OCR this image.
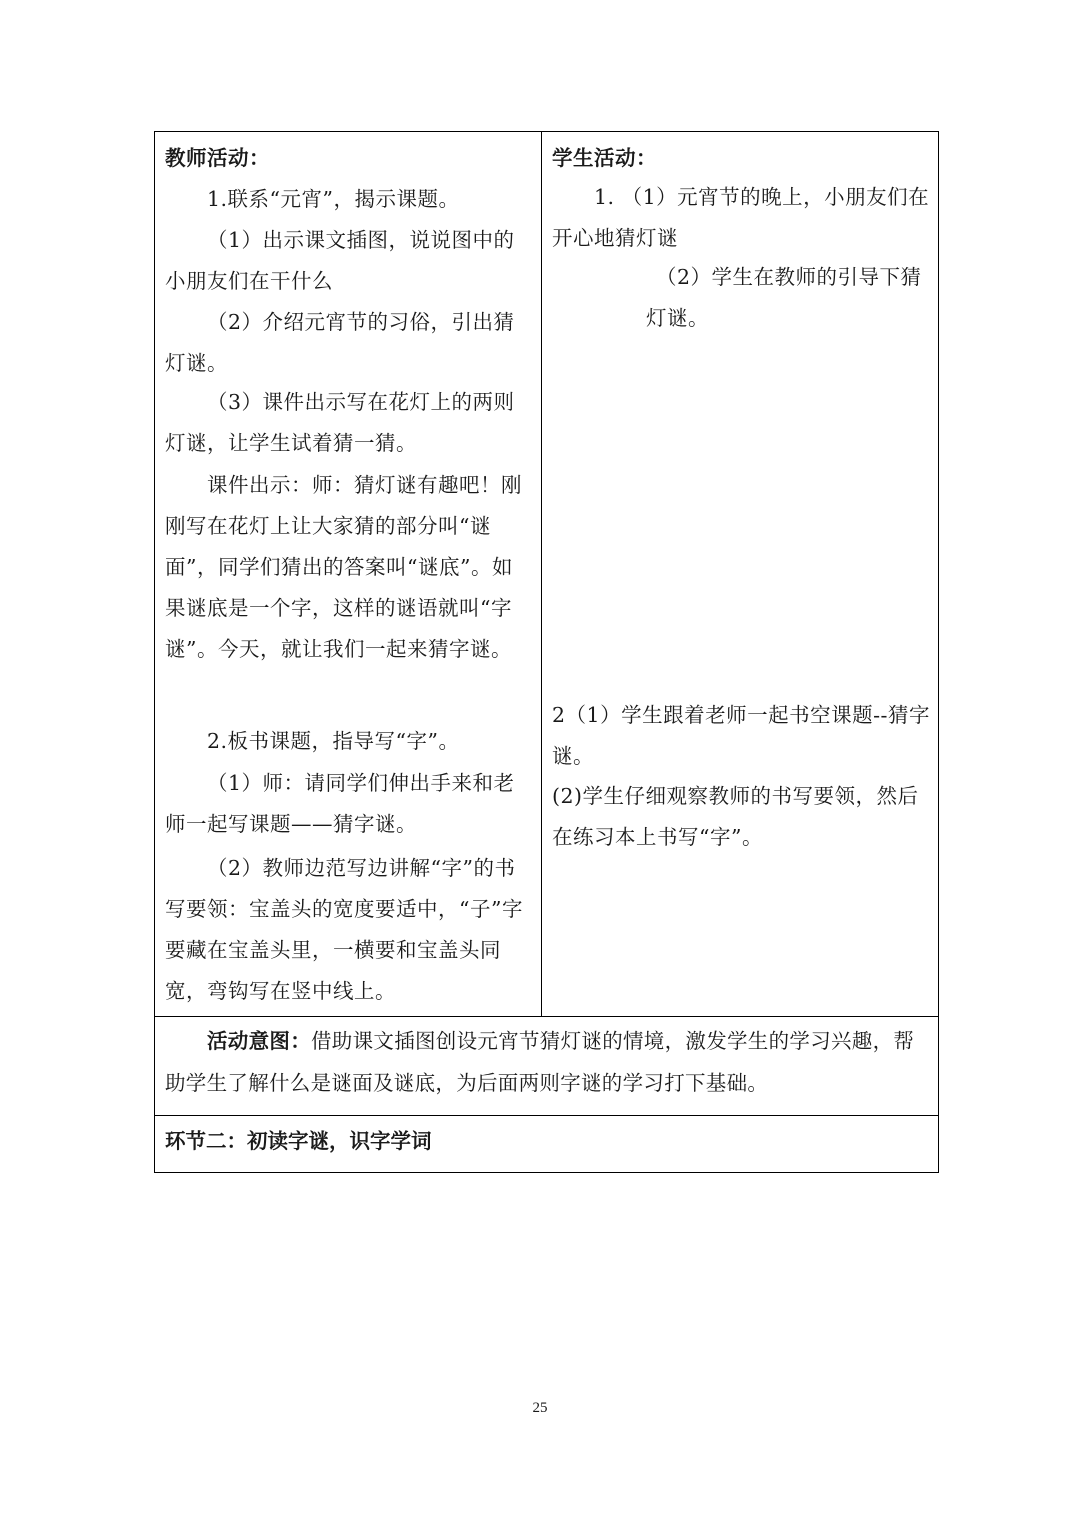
教师活动：

1.联系“元宵”，揭示课题。

（1）出示课文插图，说说图中的小朋友们在干什么

（2）介绍元宵节的习俗，引出猜灯谜。

（3）课件出示写在花灯上的两则灯谜，让学生试着猜一猜。

课件出示：师：猜灯谜有趣吧！刚刚写在花灯上让大家猜的部分叫“谜面”，同学们猜出的答案叫“谜底”。如果谜底是一个字，这样的谜语就叫“字谜”。今天，就让我们一起来猜字谜。

2.板书课题，指导写“字”。

（1）师：请同学们伸出手来和老师一起写课题——猜字谜。

（2）教师边范写边讲解“字”的书写要领：宝盖头的宽度要适中，“子”字要藏在宝盖头里，一横要和宝盖头同宽，弯钩写在竖中线上。

学生活动：

1. （1）元宵节的晚上，小朋友们在开心地猜灯谜

（2）学生在教师的引导下猜灯谜。

2（1）学生跟着老师一起书空课题--猜字谜。

(2)学生仔细观察教师的书写要领，然后在练习本上书写“字”。

活动意图：借助课文插图创设元宵节猜灯谜的情境，激发学生的学习兴趣，帮助学生了解什么是谜面及谜底，为后面两则字谜的学习打下基础。

环节二：初读字谜，识字学词

25
